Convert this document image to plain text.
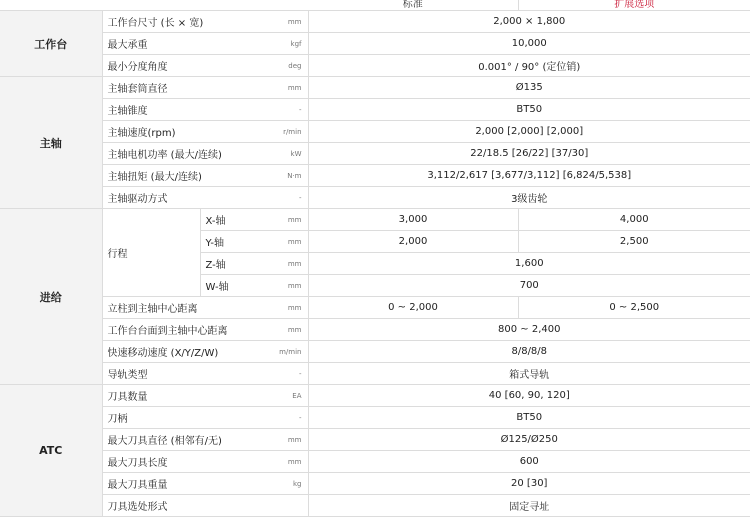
				标准	扩展选项
工作台	工作台尺寸 (长 × 宽)		mm	2,000 × 1,800	
	最大承重		kgf	10,000	
	最小分度角度		deg	0.001° / 90° (定位销)	
主轴	主轴套筒直径		mm	Ø135	
	主轴锥度		-	BT50	
	主轴速度(rpm)		r/min	2,000 [2,000] [2,000]	
	主轴电机功率 (最大/连续)		kW	22/18.5 [26/22] [37/30]	
	主轴扭矩 (最大/连续)		N·m	3,112/2,617 [3,677/3,112] [6,824/5,538]	
	主轴驱动方式		-	3级齿轮	
进给	行程	X-轴	mm	3,000	4,000
		Y-轴	mm	2,000	2,500
		Z-轴	mm	1,600	
		W-轴	mm	700	
	立柱到主轴中心距离		mm	0 ~ 2,000	0 ~ 2,500
	工作台台面到主轴中心距离		mm	800 ~ 2,400	
	快速移动速度 (X/Y/Z/W)		m/min	8/8/8/8	
	导轨类型		-	箱式导轨	
ATC	刀具数量		EA	40 [60, 90, 120]	
	刀柄		-	BT50	
	最大刀具直径 (相邻有/无)		mm	Ø125/Ø250	
	最大刀具长度		mm	600	
	最大刀具重量		kg	20 [30]	
	刀具选处形式			固定寻址	
